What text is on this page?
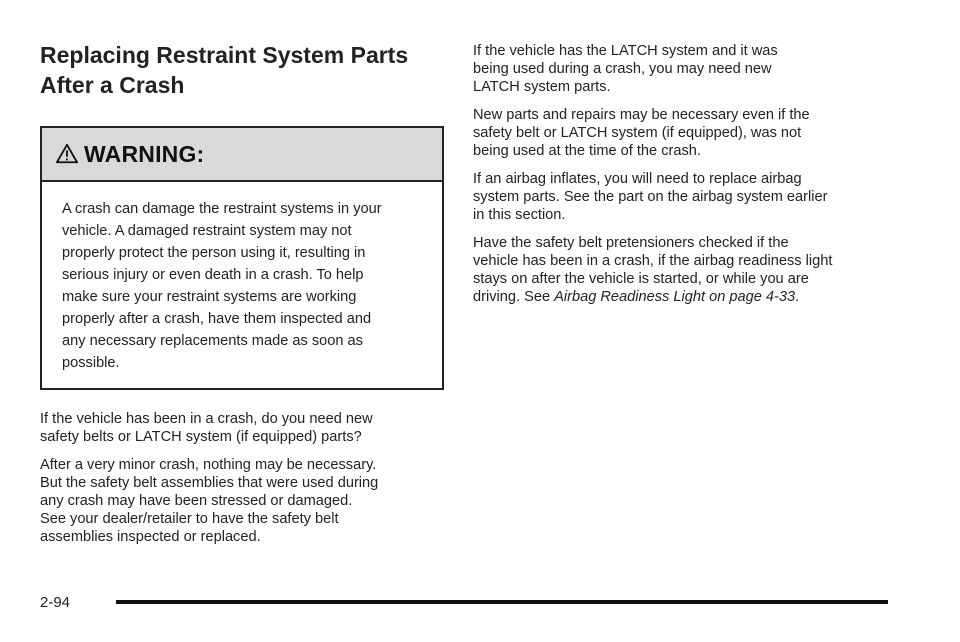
Replacing Restraint System Parts
After a Crash
WARNING:

A crash can damage the restraint systems in your
vehicle. A damaged restraint system may not
properly protect the person using it, resulting in
serious injury or even death in a crash. To help
make sure your restraint systems are working
properly after a crash, have them inspected and
any necessary replacements made as soon as
possible.

If the vehicle has been in a crash, do you need new
safety belts or LATCH system (if equipped) parts?

After a very minor crash, nothing may be necessary.
But the safety belt assemblies that were used during
any crash may have been stressed or damaged.
See your dealer/retailer to have the safety belt
assemblies inspected or replaced.

If the vehicle has the LATCH system and it was
being used during a crash, you may need new
LATCH system parts.

New parts and repairs may be necessary even if the
safety belt or LATCH system (if equipped), was not
being used at the time of the crash.

If an airbag inflates, you will need to replace airbag
system parts. See the part on the airbag system earlier
in this section.

Have the safety belt pretensioners checked if the
vehicle has been in a crash, if the airbag readiness light
stays on after the vehicle is started, or while you are
driving. See Airbag Readiness Light on page 4-33.

2-94
